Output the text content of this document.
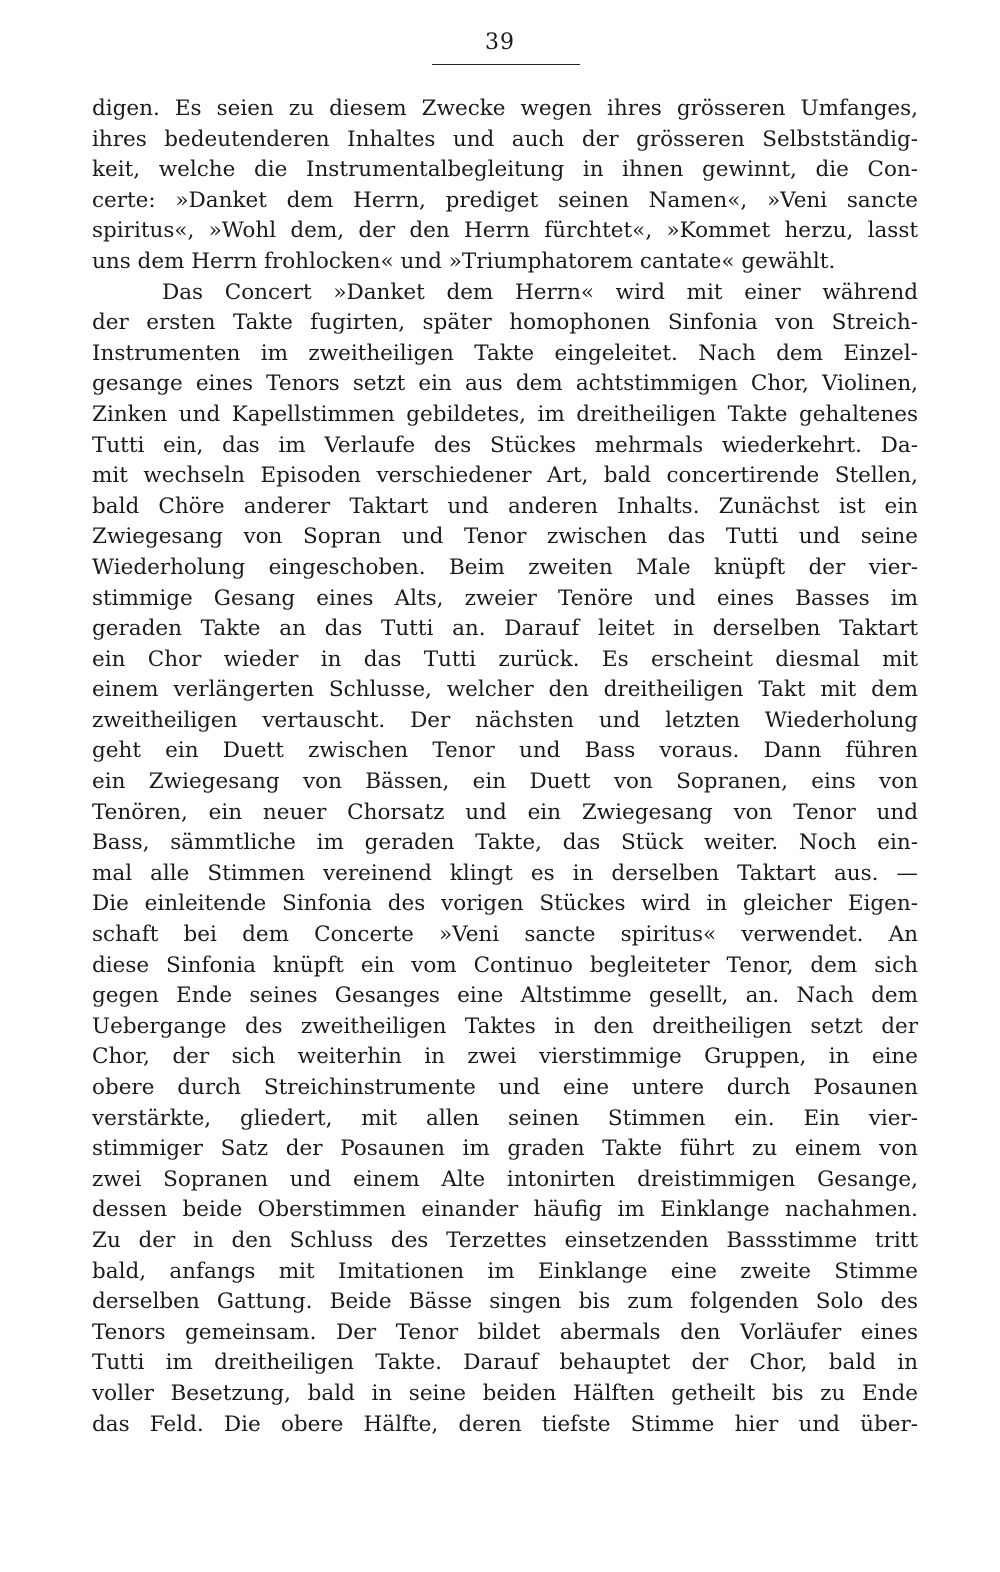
39
digen. Es seien zu diesem Zwecke wegen ihres grösseren Umfanges,
ihres bedeutenderen Inhaltes und auch der grösseren Selbstständig-
keit, welche die Instrumentalbegleitung in ihnen gewinnt, die Con-
certe: »Danket dem Herrn, prediget seinen Namen«, »Veni sancte
spiritus«, »Wohl dem, der den Herrn fürchtet«, »Kommet herzu, lasst
uns dem Herrn frohlocken« und »Triumphatorem cantate« gewählt.
Das Concert »Danket dem Herrn« wird mit einer während
der ersten Takte fugirten, später homophonen Sinfonia von Streich-
Instrumenten im zweitheiligen Takte eingeleitet. Nach dem Einzel-
gesange eines Tenors setzt ein aus dem achtstimmigen Chor, Violinen,
Zinken und Kapellstimmen gebildetes, im dreitheiligen Takte gehaltenes
Tutti ein, das im Verlaufe des Stückes mehrmals wiederkehrt. Da-
mit wechseln Episoden verschiedener Art, bald concertirende Stellen,
bald Chöre anderer Taktart und anderen Inhalts. Zunächst ist ein
Zwiegesang von Sopran und Tenor zwischen das Tutti und seine
Wiederholung eingeschoben. Beim zweiten Male knüpft der vier-
stimmige Gesang eines Alts, zweier Tenöre und eines Basses im
geraden Takte an das Tutti an. Darauf leitet in derselben Taktart
ein Chor wieder in das Tutti zurück. Es erscheint diesmal mit
einem verlängerten Schlusse, welcher den dreitheiligen Takt mit dem
zweitheiligen vertauscht. Der nächsten und letzten Wiederholung
geht ein Duett zwischen Tenor und Bass voraus. Dann führen
ein Zwiegesang von Bässen, ein Duett von Sopranen, eins von
Tenören, ein neuer Chorsatz und ein Zwiegesang von Tenor und
Bass, sämmtliche im geraden Takte, das Stück weiter. Noch ein-
mal alle Stimmen vereinend klingt es in derselben Taktart aus. —
Die einleitende Sinfonia des vorigen Stückes wird in gleicher Eigen-
schaft bei dem Concerte »Veni sancte spiritus« verwendet. An
diese Sinfonia knüpft ein vom Continuo begleiteter Tenor, dem sich
gegen Ende seines Gesanges eine Altstimme gesellt, an. Nach dem
Uebergange des zweitheiligen Taktes in den dreitheiligen setzt der
Chor, der sich weiterhin in zwei vierstimmige Gruppen, in eine
obere durch Streichinstrumente und eine untere durch Posaunen
verstärkte, gliedert, mit allen seinen Stimmen ein. Ein vier-
stimmiger Satz der Posaunen im graden Takte führt zu einem von
zwei Sopranen und einem Alte intonirten dreistimmigen Gesange,
dessen beide Oberstimmen einander häufig im Einklange nachahmen.
Zu der in den Schluss des Terzettes einsetzenden Bassstimme tritt
bald, anfangs mit Imitationen im Einklange eine zweite Stimme
derselben Gattung. Beide Bässe singen bis zum folgenden Solo des
Tenors gemeinsam. Der Tenor bildet abermals den Vorläufer eines
Tutti im dreitheiligen Takte. Darauf behauptet der Chor, bald in
voller Besetzung, bald in seine beiden Hälften getheilt bis zu Ende
das Feld. Die obere Hälfte, deren tiefste Stimme hier und über-
